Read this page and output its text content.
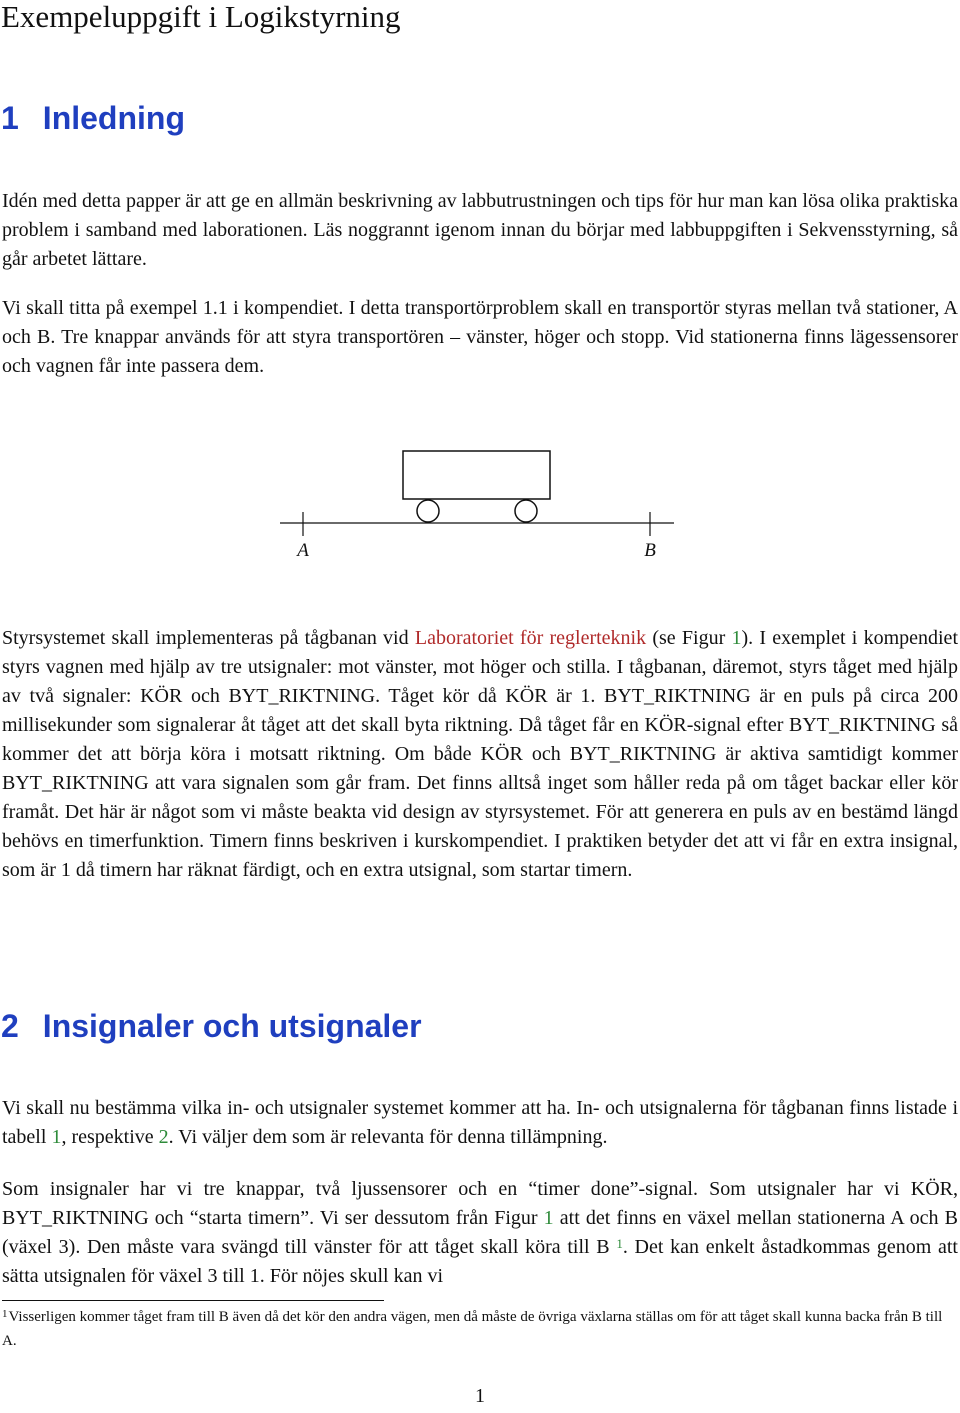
Exempeluppgift i Logikstyrning
1 Inledning

Idén med detta papper är att ge en allmän beskrivning av labbutrustningen och tips för hur man kan lösa olika praktiska problem i samband med laborationen. Läs noggrannt igenom innan du börjar med labbuppgiften i Sekvensstyrning, så går arbetet lättare.

Vi skall titta på exempel 1.1 i kompendiet. I detta transportörproblem skall en transportör styras mellan två stationer, A och B. Tre knappar används för att styra transportören – vänster, höger och stopp. Vid stationerna finns lägessensorer och vagnen får inte passera dem.

A	B

Styrsystemet skall implementeras på tågbanan vid Laboratoriet för reglerteknik (se Figur 1). I exemplet i kompendiet styrs vagnen med hjälp av tre utsignaler: mot vänster, mot höger och stilla. I tågbanan, däremot, styrs tåget med hjälp av två signaler: KÖR och BYT_RIKTNING. Tåget kör då KÖR är 1. BYT_RIKTNING är en puls på circa 200 millisekunder som signalerar åt tåget att det skall byta riktning. Då tåget får en KÖR-signal efter BYT_RIKTNING så kommer det att börja köra i motsatt riktning. Om både KÖR och BYT_RIKTNING är aktiva samtidigt kommer BYT_RIKTNING att vara signalen som går fram. Det finns alltså inget som håller reda på om tåget backar eller kör framåt. Det här är något som vi måste beakta vid design av styrsystemet. För att generera en puls av en bestämd längd behövs en timerfunktion. Timern finns beskriven i kurskompendiet. I praktiken betyder det att vi får en extra insignal, som är 1 då timern har räknat färdigt, och en extra utsignal, som startar timern.

2 Insignaler och utsignaler

Vi skall nu bestämma vilka in- och utsignaler systemet kommer att ha. In- och utsignalerna för tågbanan finns listade i tabell 1, respektive 2. Vi väljer dem som är relevanta för denna tillämpning.

Som insignaler har vi tre knappar, två ljussensorer och en “timer done”-signal. Som utsignaler har vi KÖR, BYT_RIKTNING och “starta timern”. Vi ser dessutom från Figur 1 att det finns en växel mellan stationerna A och B (växel 3). Den måste vara svängd till vänster för att tåget skall köra till B $^1$. Det kan enkelt åstadkommas genom att sätta utsignalen för växel 3 till 1. För nöjes skull kan vi

$^1$Visserligen kommer tåget fram till B även då det kör den andra vägen, men då måste de övriga växlarna ställas om för att tåget skall kunna backa från B till A.

1
